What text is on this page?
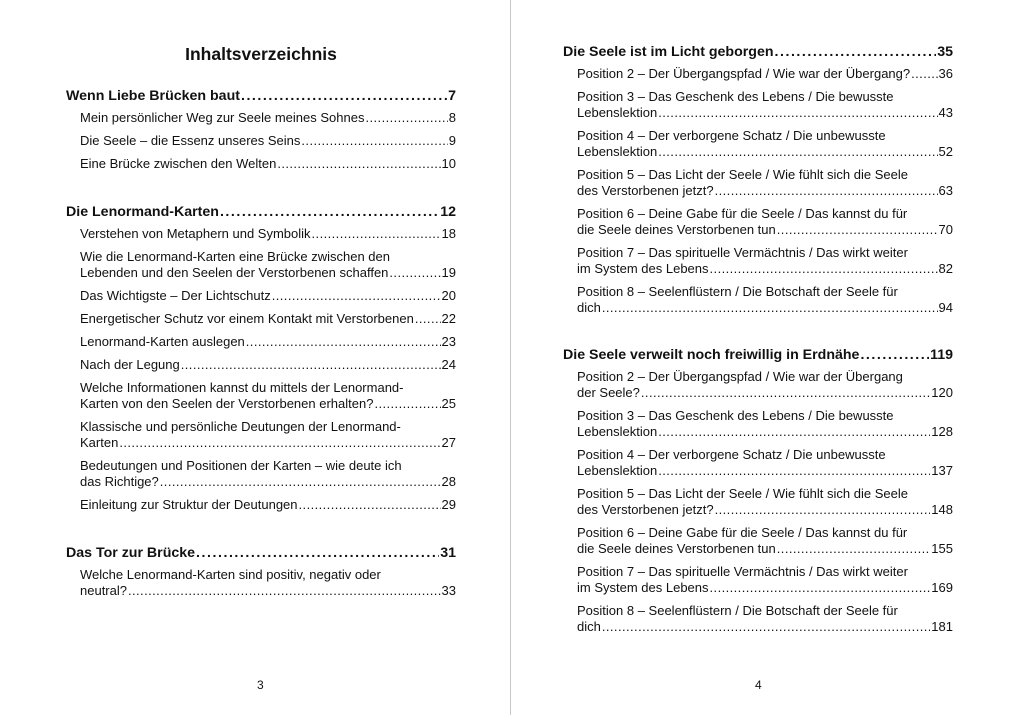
Inhaltsverzeichnis
Wenn Liebe Brücken baut . . .	7
Mein persönlicher Weg zur Seele meines Sohnes . . .	8
Die Seele – die Essenz unseres Seins . . .	9
Eine Brücke zwischen den Welten . . .	10
Die Lenormand-Karten . . .	12
Verstehen von Metaphern und Symbolik . . .	18
Wie die Lenormand-Karten eine Brücke zwischen den
Lebenden und den Seelen der Verstorbenen schaffen . . .	19
Das Wichtigste – Der Lichtschutz . . .	20
Energetischer Schutz vor einem Kontakt mit Verstorbenen . . . 22
Lenormand-Karten auslegen . . .	23
Nach der Legung . . .	24
Welche Informationen kannst du mittels der Lenormand-
Karten von den Seelen der Verstorbenen erhalten? . . .	25
Klassische und persönliche Deutungen der Lenormand-
Karten . . .	27
Bedeutungen und Positionen der Karten – wie deute ich
das Richtige? . . .	28
Einleitung zur Struktur der Deutungen . . .	29
Das Tor zur Brücke . . .	31
Welche Lenormand-Karten sind positiv, negativ oder
neutral? . . .	33
3
Die Seele ist im Licht geborgen . . .	35
Position 2 – Der Übergangspfad / Wie war der Übergang? . . . 36
Position 3 – Das Geschenk des Lebens / Die bewusste
Lebenslektion . . .	43
Position 4 – Der verborgene Schatz / Die unbewusste
Lebenslektion . . .	52
Position 5 – Das Licht der Seele / Wie fühlt sich die Seele
des Verstorbenen jetzt? . . .	63
Position 6 – Deine Gabe für die Seele / Das kannst du für
die Seele deines Verstorbenen tun . . .	70
Position 7 – Das spirituelle Vermächtnis / Das wirkt weiter
im System des Lebens . . .	82
Position 8 – Seelenflüstern / Die Botschaft der Seele für
dich . . .	94
Die Seele verweilt noch freiwillig in Erdnähe . . .	119
Position 2 – Der Übergangspfad / Wie war der Übergang
der Seele? . . .	120
Position 3 – Das Geschenk des Lebens / Die bewusste
Lebenslektion . . .	128
Position 4 – Der verborgene Schatz / Die unbewusste
Lebenslektion . . .	137
Position 5 – Das Licht der Seele / Wie fühlt sich die Seele
des Verstorbenen jetzt? . . .	148
Position 6 – Deine Gabe für die Seele / Das kannst du für
die Seele deines Verstorbenen tun . . .	155
Position 7 – Das spirituelle Vermächtnis / Das wirkt weiter
im System des Lebens . . .	169
Position 8 – Seelenflüstern / Die Botschaft der Seele für
dich . . .	181
4
